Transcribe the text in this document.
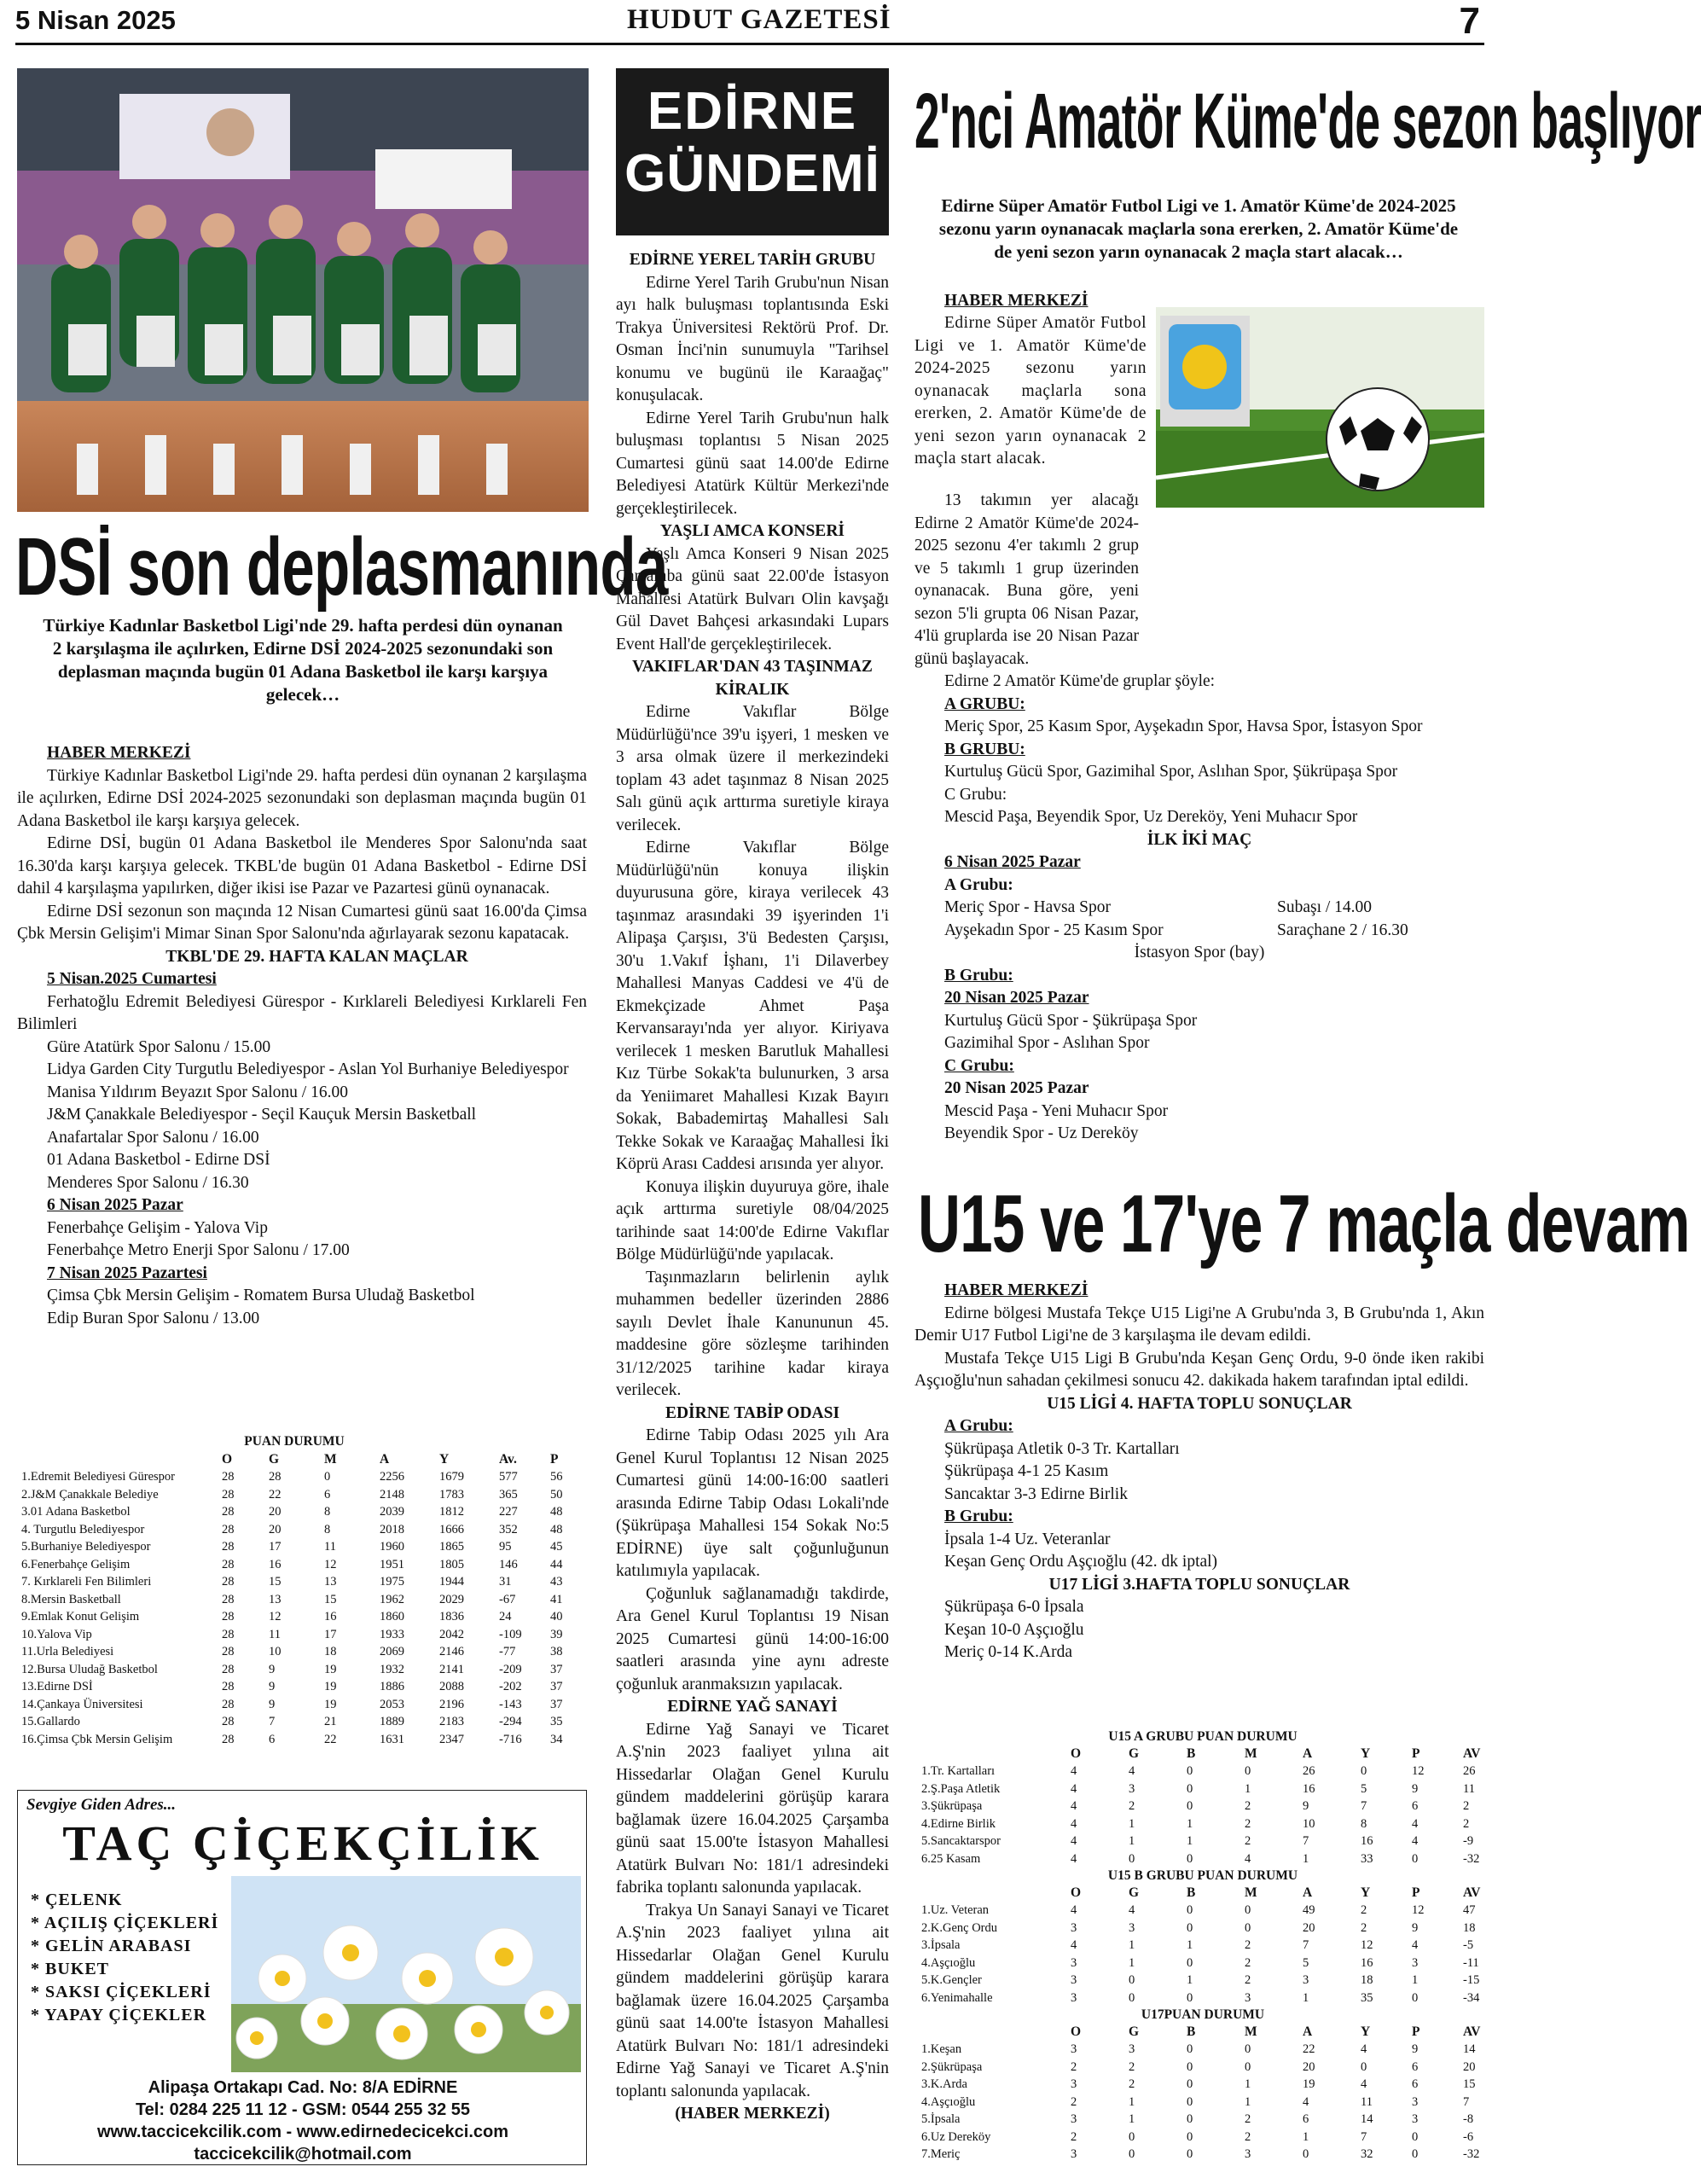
5 Nisan 2025	HUDUT GAZETESİ	7
DSİ son deplasmanında
Türkiye Kadınlar Basketbol Ligi'nde 29. hafta perdesi dün oynanan 2 karşılaşma ile açılırken, Edirne DSİ 2024-2025 sezonundaki son deplasman maçında bugün 01 Adana Basketbol ile karşı karşıya gelecek…

HABER MERKEZİ

Türkiye Kadınlar Basketbol Ligi'nde 29. hafta perdesi dün oynanan 2 karşılaşma ile açılırken, Edirne DSİ 2024-2025 sezonundaki son deplasman maçında bugün 01 Adana Basketbol ile karşı karşıya gelecek.

Edirne DSİ, bugün 01 Adana Basketbol ile Menderes Spor Salonu'nda saat 16.30'da karşı karşıya gelecek. TKBL'de bugün 01 Adana Basketbol - Edirne DSİ dahil 4 karşılaşma yapılırken, diğer ikisi ise Pazar ve Pazartesi günü oynanacak.

Edirne DSİ sezonun son maçında 12 Nisan Cumartesi günü saat 16.00'da Çimsa Çbk Mersin Gelişim'i Mimar Sinan Spor Salonu'nda ağırlayarak sezonu kapatacak.

TKBL'DE 29. HAFTA KALAN MAÇLAR

5 Nisan.2025 Cumartesi

Ferhatoğlu Edremit Belediyesi Gürespor - Kırklareli Belediyesi Kırklareli Fen Bilimleri

Güre Atatürk Spor Salonu / 15.00

Lidya Garden City Turgutlu Belediyespor - Aslan Yol Burhaniye Belediyespor

Manisa Yıldırım Beyazıt Spor Salonu / 16.00

J&M Çanakkale Belediyespor - Seçil Kauçuk Mersin Basketball

Anafartalar Spor Salonu / 16.00

01 Adana Basketbol - Edirne DSİ

Menderes Spor Salonu / 16.30

6 Nisan 2025 Pazar

Fenerbahçe Gelişim - Yalova Vip

Fenerbahçe Metro Enerji Spor Salonu / 17.00

7 Nisan 2025 Pazartesi

Çimsa Çbk Mersin Gelişim - Romatem Bursa Uludağ Basketbol

Edip Buran Spor Salonu / 13.00

PUAN DURUMU
	O	G	M	A	Y	Av.	P
1.Edremit Belediyesi Gürespor	28	28	0	2256	1679	577	56
2.J&M Çanakkale Belediye	28	22	6	2148	1783	365	50
3.01 Adana Basketbol	28	20	8	2039	1812	227	48
4. Turgutlu Belediyespor	28	20	8	2018	1666	352	48
5.Burhaniye Belediyespor	28	17	11	1960	1865	95	45
6.Fenerbahçe Gelişim	28	16	12	1951	1805	146	44
7. Kırklareli Fen Bilimleri	28	15	13	1975	1944	31	43
8.Mersin Basketball	28	13	15	1962	2029	-67	41
9.Emlak Konut Gelişim	28	12	16	1860	1836	24	40
10.Yalova Vip	28	11	17	1933	2042	-109	39
11.Urla Belediyesi	28	10	18	2069	2146	-77	38
12.Bursa Uludağ Basketbol	28	9	19	1932	2141	-209	37
13.Edirne DSİ	28	9	19	1886	2088	-202	37
14.Çankaya Üniversitesi	28	9	19	2053	2196	-143	37
15.Gallardo	28	7	21	1889	2183	-294	35
16.Çimsa Çbk Mersin Gelişim	28	6	22	1631	2347	-716	34
Sevgiye Giden Adres...
TAÇ ÇİÇEKÇİLİK
* ÇELENK
* AÇILIŞ ÇİÇEKLERİ
* GELİN ARABASI
* BUKET
* SAKSI ÇİÇEKLERİ
* YAPAY ÇİÇEKLER
Alipaşa Ortakapı Cad. No: 8/A EDİRNE
Tel: 0284 225 11 12 - GSM: 0544 255 32 55
www.taccicekcilik.com - www.edirnedecicekci.com
taccicekcilik@hotmail.com
EDİRNE
GÜNDEMİ

EDİRNE YEREL TARİH GRUBU

Edirne Yerel Tarih Grubu'nun Nisan ayı halk buluşması toplantısında Eski Trakya Üniversitesi Rektörü Prof. Dr. Osman İnci'nin sunumuyla "Tarihsel konumu ve bugünü ile Karaağaç" konuşulacak.

Edirne Yerel Tarih Grubu'nun halk buluşması toplantısı 5 Nisan 2025 Cumartesi günü saat 14.00'de Edirne Belediyesi Atatürk Kültür Merkezi'nde gerçekleştirilecek.

YAŞLI AMCA KONSERİ

Yaşlı Amca Konseri 9 Nisan 2025 Çarşamba günü saat 22.00'de İstasyon Mahallesi Atatürk Bulvarı Olin kavşağı Gül Davet Bahçesi arkasındaki Lupars Event Hall'de gerçekleştirilecek.

VAKIFLAR'DAN 43 TAŞINMAZ KİRALIK

Edirne Vakıflar Bölge Müdürlüğü'nce 39'u işyeri, 1 mesken ve 3 arsa olmak üzere il merkezindeki toplam 43 adet taşınmaz 8 Nisan 2025 Salı günü açık arttırma suretiyle kiraya verilecek.

Edirne Vakıflar Bölge Müdürlüğü'nün konuya ilişkin duyurusuna göre, kiraya verilecek 43 taşınmaz arasındaki 39 işyerinden 1'i Alipaşa Çarşısı, 3'ü Bedesten Çarşısı, 30'u 1.Vakıf İşhanı, 1'i Dilaverbey Mahallesi Manyas Caddesi ve 4'ü de Ekmekçizade Ahmet Paşa Kervansarayı'nda yer alıyor. Kiriyava verilecek 1 mesken Barutluk Mahallesi Kız Türbe Sokak'ta bulunurken, 3 arsa da Yeniimaret Mahallesi Kızak Bayırı Sokak, Babademirtaş Mahallesi Salı Tekke Sokak ve Karaağaç Mahallesi İki Köprü Arası Caddesi arısında yer alıyor.

Konuya ilişkin duyuruya göre, ihale açık arttırma suretiyle 08/04/2025 tarihinde saat 14:00'de Edirne Vakıflar Bölge Müdürlüğü'nde yapılacak.

Taşınmazların belirlenin aylık muhammen bedeller üzerinden 2886 sayılı Devlet İhale Kanununun 45. maddesine göre sözleşme tarihinden 31/12/2025 tarihine kadar kiraya verilecek.

EDİRNE TABİP ODASI

Edirne Tabip Odası 2025 yılı Ara Genel Kurul Toplantısı 12 Nisan 2025 Cumartesi günü 14:00-16:00 saatleri arasında Edirne Tabip Odası Lokali'nde (Şükrüpaşa Mahallesi 154 Sokak No:5 EDİRNE) üye salt çoğunluğunun katılımıyla yapılacak.

Çoğunluk sağlanamadığı takdirde, Ara Genel Kurul Toplantısı 19 Nisan 2025 Cumartesi günü 14:00-16:00 saatleri arasında yine aynı adreste çoğunluk aranmaksızın yapılacak.

EDİRNE YAĞ SANAYİ

Edirne Yağ Sanayi ve Ticaret A.Ş'nin 2023 faaliyet yılına ait Hissedarlar Olağan Genel Kurulu gündem maddelerini görüşüp karara bağlamak üzere 16.04.2025 Çarşamba günü saat 15.00'te İstasyon Mahallesi Atatürk Bulvarı No: 181/1 adresindeki fabrika toplantı salonunda yapılacak.

Trakya Un Sanayi Sanayi ve Ticaret A.Ş'nin 2023 faaliyet yılına ait Hissedarlar Olağan Genel Kurulu gündem maddelerini görüşüp karara bağlamak üzere 16.04.2025 Çarşamba günü saat 14.00'te İstasyon Mahallesi Atatürk Bulvarı No: 181/1 adresindeki Edirne Yağ Sanayi ve Ticaret A.Ş'nin toplantı salonunda yapılacak.

(HABER MERKEZİ)

2'nci Amatör Küme'de sezon başlıyor
Edirne Süper Amatör Futbol Ligi ve 1. Amatör Küme'de 2024-2025 sezonu yarın oynanacak maçlarla sona ererken, 2. Amatör Küme'de de yeni sezon yarın oynanacak 2 maçla start alacak…

HABER MERKEZİ

Edirne Süper Amatör Futbol Ligi ve 1. Amatör Küme'de 2024-2025 sezonu yarın oynanacak maçlarla sona ererken, 2. Amatör Küme'de de yeni sezon yarın oynanacak 2 maçla start alacak.

13 takımın yer alacağı Edirne 2 Amatör Küme'de 2024-2025 sezonu 4'er takımlı 2 grup ve 5 takımlı 1 grup üzerinden oynanacak. Buna göre, yeni sezon 5'li grupta 06 Nisan Pazar, 4'lü gruplarda ise 20 Nisan Pazar günü başlayacak.

Edirne 2 Amatör Küme'de gruplar şöyle:

A GRUBU:

Meriç Spor, 25 Kasım Spor, Ayşekadın Spor, Havsa Spor, İstasyon Spor

B GRUBU:

Kurtuluş Gücü Spor, Gazimihal Spor, Aslıhan Spor, Şükrüpaşa Spor

C Grubu:

Mescid Paşa, Beyendik Spor, Uz Dereköy, Yeni Muhacır Spor

İLK İKİ MAÇ

6 Nisan 2025 Pazar

A Grubu:

Meriç Spor - Havsa Spor	Subaşı / 14.00

Ayşekadın Spor - 25 Kasım Spor	Saraçhane 2 / 16.30

İstasyon Spor (bay)

B Grubu:

20 Nisan 2025 Pazar

Kurtuluş Gücü Spor - Şükrüpaşa Spor

Gazimihal Spor - Aslıhan Spor

C Grubu:

20 Nisan 2025 Pazar

Mescid Paşa - Yeni Muhacır Spor

Beyendik Spor - Uz Dereköy

U15 ve 17'ye 7 maçla devam

HABER MERKEZİ

Edirne bölgesi Mustafa Tekçe U15 Ligi'ne A Grubu'nda 3, B Grubu'nda 1, Akın Demir U17 Futbol Ligi'ne de 3 karşılaşma ile devam edildi.

Mustafa Tekçe U15 Ligi B Grubu'nda Keşan Genç Ordu, 9-0 önde iken rakibi Aşçıoğlu'nun sahadan çekilmesi sonucu 42. dakikada hakem tarafından iptal edildi.

U15 LİGİ 4. HAFTA TOPLU SONUÇLAR

A Grubu:

Şükrüpaşa Atletik 0-3 Tr. Kartalları

Şükrüpaşa 4-1 25 Kasım

Sancaktar 3-3 Edirne Birlik

B Grubu:

İpsala 1-4 Uz. Veteranlar

Keşan Genç Ordu Aşçıoğlu (42. dk iptal)

U17 LİGİ 3.HAFTA TOPLU SONUÇLAR

Şükrüpaşa 6-0 İpsala

Keşan 10-0 Aşçıoğlu

Meriç 0-14 K.Arda

U15 A GRUBU PUAN DURUMU
	O	G	B	M	A	Y	P	AV
1.Tr. Kartalları	4	4	0	0	26	0	12	26
2.Ş.Paşa Atletik	4	3	0	1	16	5	9	11
3.Şükrüpaşa	4	2	0	2	9	7	6	2
4.Edirne Birlik	4	1	1	2	10	8	4	2
5.Sancaktarspor	4	1	1	2	7	16	4	-9
6.25 Kasam	4	0	0	4	1	33	0	-32
U15 B GRUBU PUAN DURUMU
	O	G	B	M	A	Y	P	AV
1.Uz. Veteran	4	4	0	0	49	2	12	47
2.K.Genç Ordu	3	3	0	0	20	2	9	18
3.İpsala	4	1	1	2	7	12	4	-5
4.Aşçıoğlu	3	1	0	2	5	16	3	-11
5.K.Gençler	3	0	1	2	3	18	1	-15
6.Yenimahalle	3	0	0	3	1	35	0	-34
U17PUAN DURUMU
	O	G	B	M	A	Y	P	AV
1.Keşan	3	3	0	0	22	4	9	14
2.Şükrüpaşa	2	2	0	0	20	0	6	20
3.K.Arda	3	2	0	1	19	4	6	15
4.Aşçıoğlu	2	1	0	1	4	11	3	7
5.İpsala	3	1	0	2	6	14	3	-8
6.Uz Dereköy	2	0	0	2	1	7	0	-6
7.Meriç	3	0	0	3	0	32	0	-32
